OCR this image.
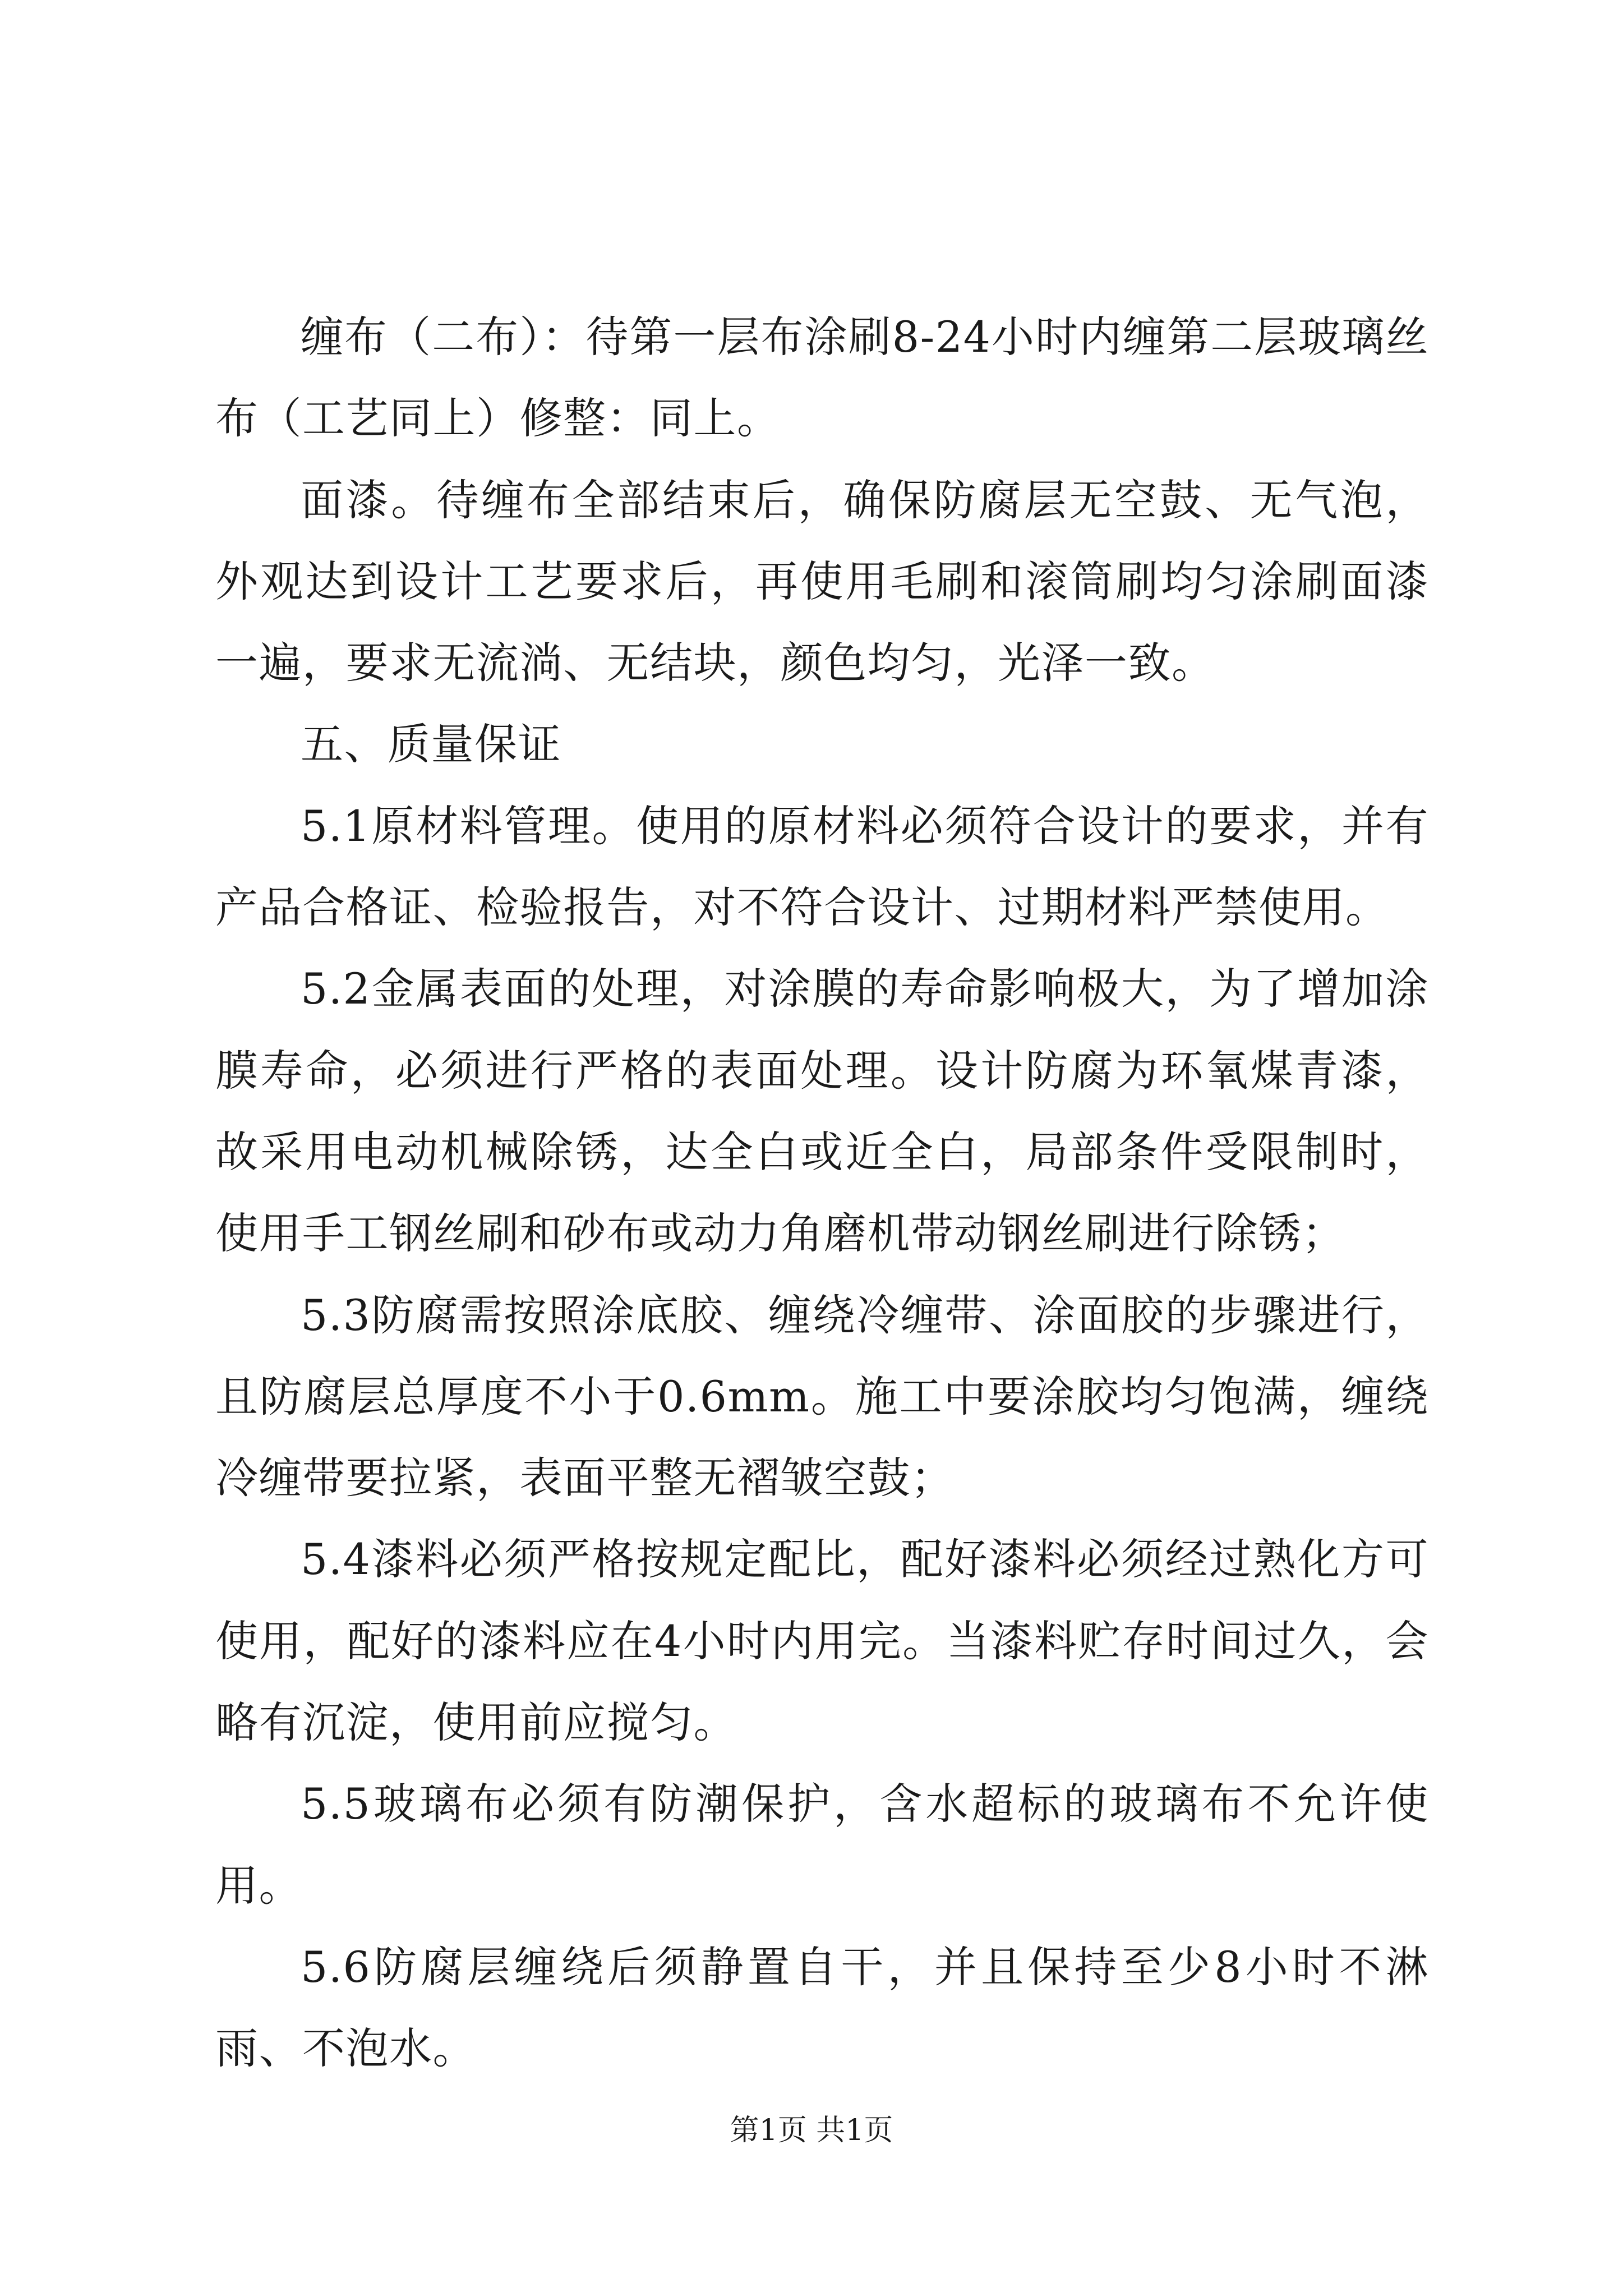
缠布（二布）：待第一层布涂刷8-24小时内缠第二层玻璃丝布（工艺同上）修整：同上。

面漆。待缠布全部结束后，确保防腐层无空鼓、无气泡，外观达到设计工艺要求后，再使用毛刷和滚筒刷均匀涂刷面漆一遍，要求无流淌、无结块，颜色均匀，光泽一致。

五、质量保证

5.1原材料管理。使用的原材料必须符合设计的要求，并有产品合格证、检验报告，对不符合设计、过期材料严禁使用。

5.2金属表面的处理，对涂膜的寿命影响极大，为了增加涂膜寿命，必须进行严格的表面处理。设计防腐为环氧煤青漆，故采用电动机械除锈，达全白或近全白，局部条件受限制时，使用手工钢丝刷和砂布或动力角磨机带动钢丝刷进行除锈；

5.3防腐需按照涂底胶、缠绕冷缠带、涂面胶的步骤进行，且防腐层总厚度不小于0.6mm。施工中要涂胶均匀饱满，缠绕冷缠带要拉紧，表面平整无褶皱空鼓；

5.4漆料必须严格按规定配比，配好漆料必须经过熟化方可使用，配好的漆料应在4小时内用完。当漆料贮存时间过久，会略有沉淀，使用前应搅匀。

5.5玻璃布必须有防潮保护，含水超标的玻璃布不允许使用。

5.6防腐层缠绕后须静置自干，并且保持至少8小时不淋雨、不泡水。

第1页 共1页
